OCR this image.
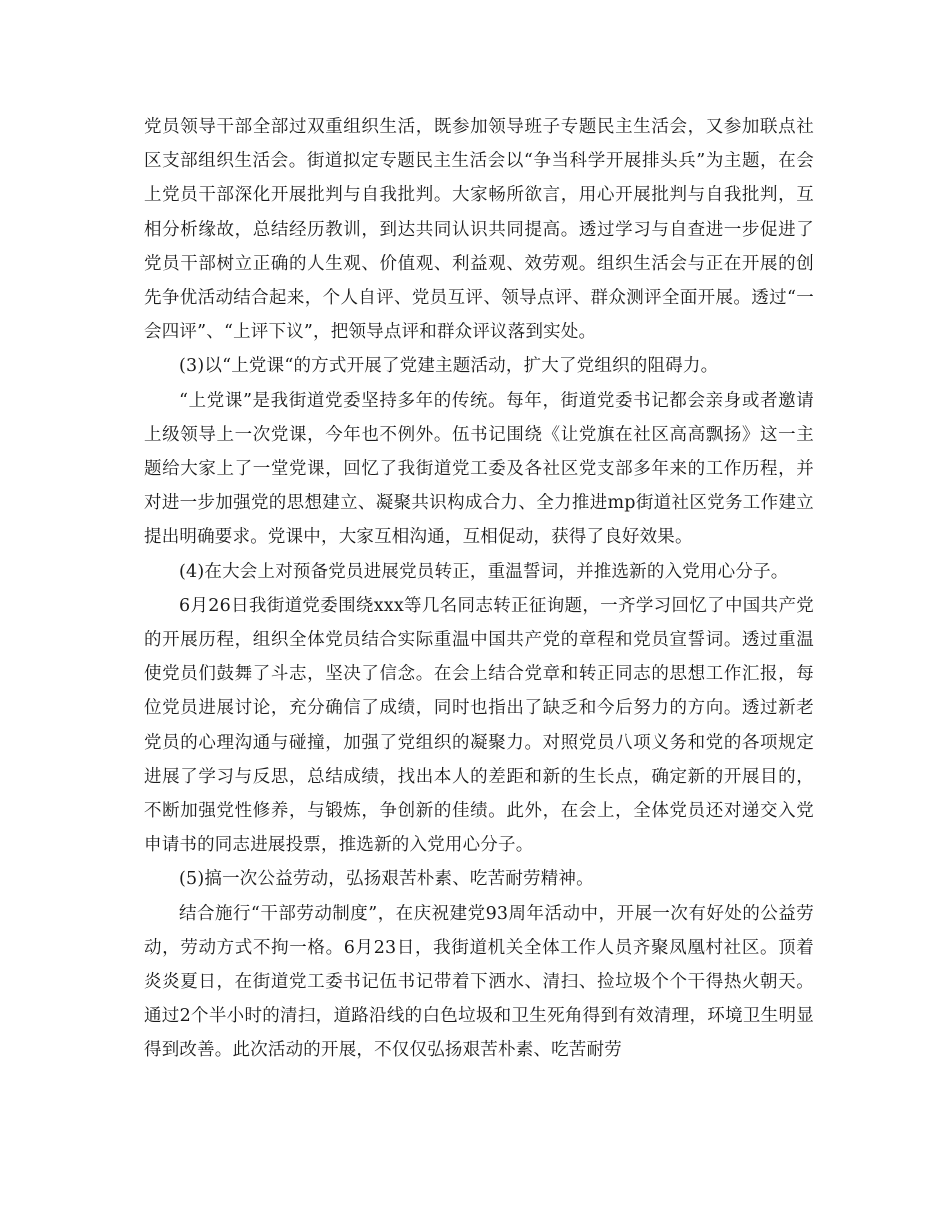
党员领导干部全部过双重组织生活，既参加领导班子专题民主生活会，又参加联点社区支部组织生活会。街道拟定专题民主生活会以“争当科学开展排头兵”为主题，在会上党员干部深化开展批判与自我批判。大家畅所欲言，用心开展批判与自我批判，互相分析缘故，总结经历教训，到达共同认识共同提高。透过学习与自查进一步促进了党员干部树立正确的人生观、价值观、利益观、效劳观。组织生活会与正在开展的创先争优活动结合起来，个人自评、党员互评、领导点评、群众测评全面开展。透过“一会四评”、“上评下议”，把领导点评和群众评议落到实处。

(3)以“上党课“的方式开展了党建主题活动，扩大了党组织的阻碍力。

“上党课”是我街道党委坚持多年的传统。每年，街道党委书记都会亲身或者邀请上级领导上一次党课，今年也不例外。伍书记围绕《让党旗在社区高高飘扬》这一主题给大家上了一堂党课，回忆了我街道党工委及各社区党支部多年来的工作历程，并对进一步加强党的思想建立、凝聚共识构成合力、全力推进mp街道社区党务工作建立提出明确要求。党课中，大家互相沟通，互相促动，获得了良好效果。

(4)在大会上对预备党员进展党员转正，重温誓词，并推选新的入党用心分子。

6月26日我街道党委围绕xxx等几名同志转正征询题，一齐学习回忆了中国共产党的开展历程，组织全体党员结合实际重温中国共产党的章程和党员宣誓词。透过重温使党员们鼓舞了斗志，坚决了信念。在会上结合党章和转正同志的思想工作汇报，每位党员进展讨论，充分确信了成绩，同时也指出了缺乏和今后努力的方向。透过新老党员的心理沟通与碰撞，加强了党组织的凝聚力。对照党员八项义务和党的各项规定进展了学习与反思，总结成绩，找出本人的差距和新的生长点，确定新的开展目的，不断加强党性修养，与锻炼，争创新的佳绩。此外，在会上，全体党员还对递交入党申请书的同志进展投票，推选新的入党用心分子。

(5)搞一次公益劳动，弘扬艰苦朴素、吃苦耐劳精神。

结合施行“干部劳动制度”，在庆祝建党93周年活动中，开展一次有好处的公益劳动，劳动方式不拘一格。6月23日，我街道机关全体工作人员齐聚凤凰村社区。顶着炎炎夏日，在街道党工委书记伍书记带着下洒水、清扫、捡垃圾个个干得热火朝天。通过2个半小时的清扫，道路沿线的白色垃圾和卫生死角得到有效清理，环境卫生明显得到改善。此次活动的开展，不仅仅弘扬艰苦朴素、吃苦耐劳
